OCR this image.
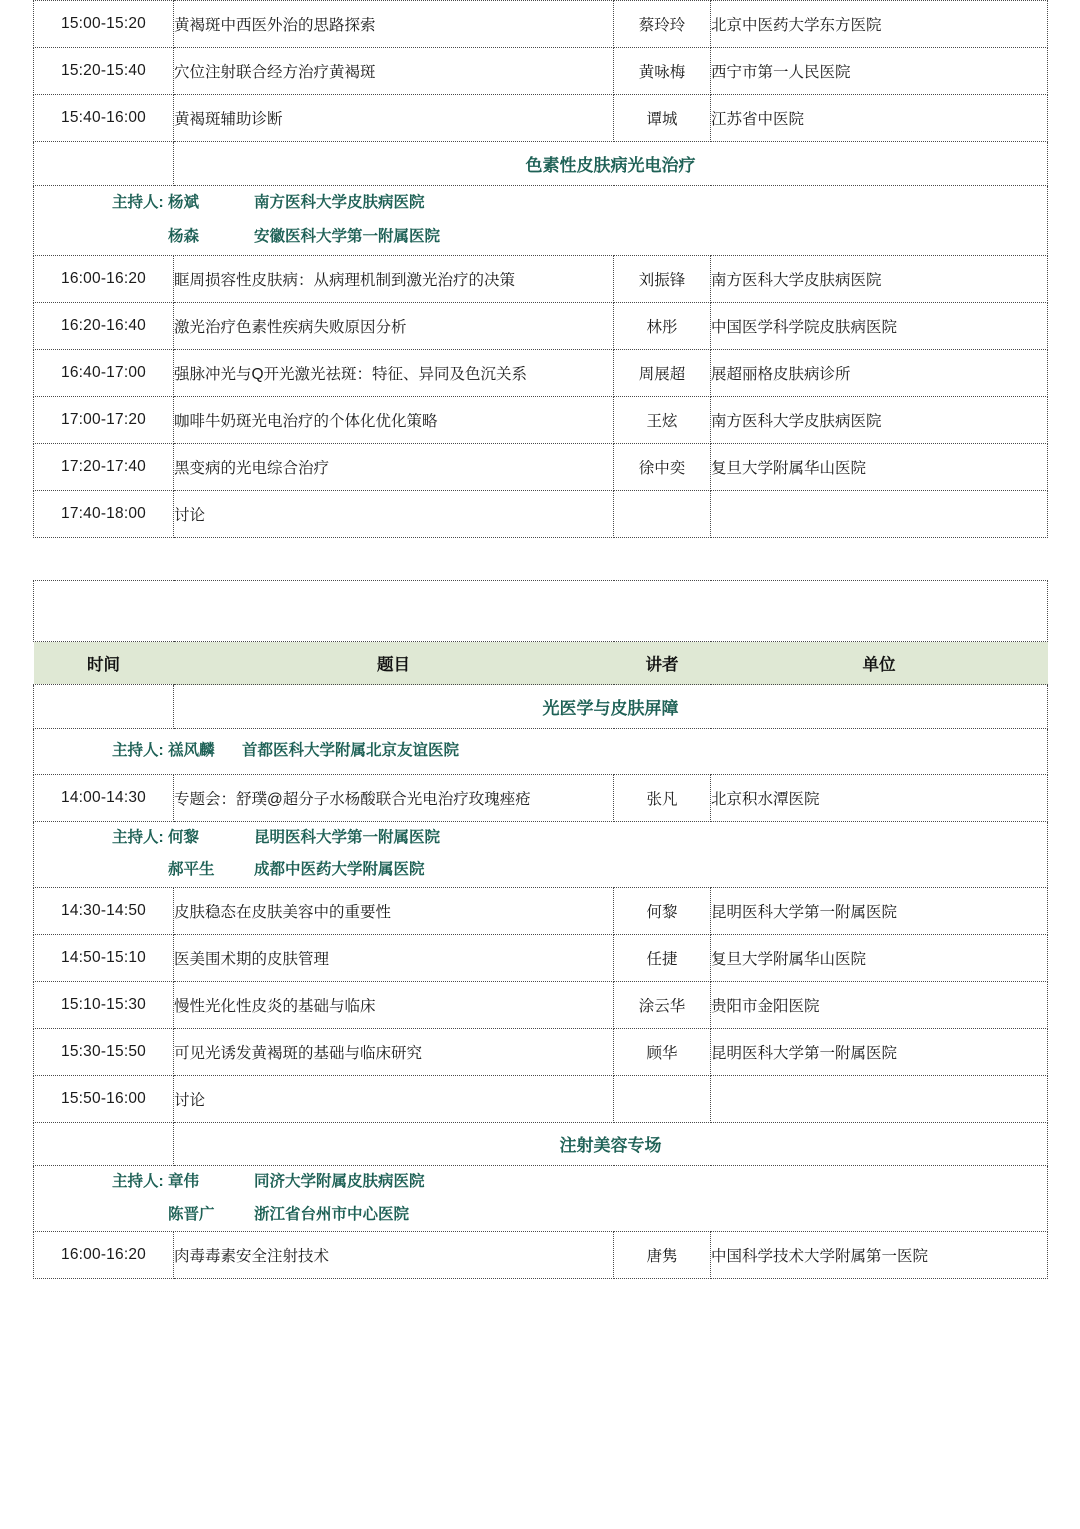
15:00-15:20	黄褐斑中西医外治的思路探索	蔡玲玲	北京中医药大学东方医院
15:20-15:40	穴位注射联合经方治疗黄褐斑	黄咏梅	西宁市第一人民医院
15:40-16:00	黄褐斑辅助诊断	谭城	江苏省中医院

分会场五
(3F-311A)	色素性皮肤病光电治疗		

主持人: 杨斌 南方医科大学皮肤病医院
杨森 安徽医科大学第一附属医院			

16:00-16:20	眶周损容性皮肤病：从病理机制到激光治疗的决策	刘振锋	南方医科大学皮肤病医院
16:20-16:40	激光治疗色素性疾病失败原因分析	林彤	中国医学科学院皮肤病医院
16:40-17:00	强脉冲光与Q开光激光祛斑：特征、异同及色沉关系	周展超	展超丽格皮肤病诊所
17:00-17:20	咖啡牛奶斑光电治疗的个体化优化策略	王炫	南方医科大学皮肤病医院
17:20-17:40	黑变病的光电综合治疗	徐中奕	复旦大学附属华山医院
17:40-18:00	讨论		
分会场六 (3F-311B)			
时间	题目	讲者	单位

分会场六
(3F-311B)	光医学与皮肤屏障		

主持人: 禚风麟 首都医科大学附属北京友谊医院			

14:00-14:30	专题会：舒璞@超分子水杨酸联合光电治疗玫瑰痤疮	张凡	北京积水潭医院

主持人: 何黎 昆明医科大学第一附属医院
郝平生 成都中医药大学附属医院			

14:30-14:50	皮肤稳态在皮肤美容中的重要性	何黎	昆明医科大学第一附属医院
14:50-15:10	医美围术期的皮肤管理	任捷	复旦大学附属华山医院
15:10-15:30	慢性光化性皮炎的基础与临床	涂云华	贵阳市金阳医院
15:30-15:50	可见光诱发黄褐斑的基础与临床研究	顾华	昆明医科大学第一附属医院
15:50-16:00	讨论		

分会场六
(3F-311B)	注射美容专场		

主持人: 章伟 同济大学附属皮肤病医院
陈晋广 浙江省台州市中心医院			

16:00-16:20	肉毒毒素安全注射技术	唐隽	中国科学技术大学附属第一医院
